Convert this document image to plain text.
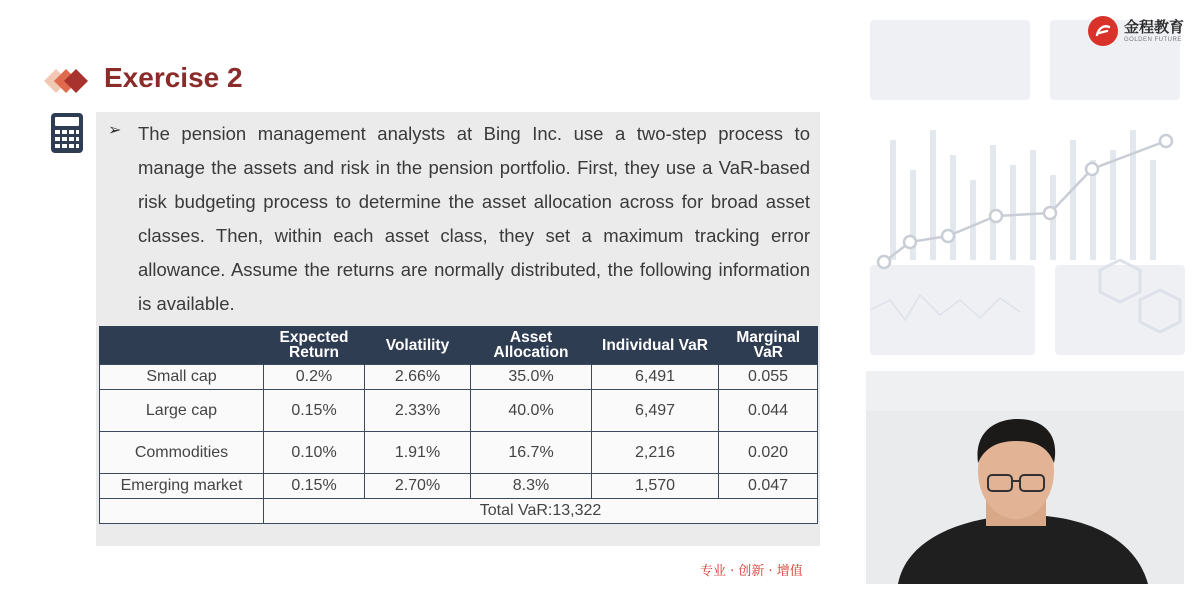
金程教育
GOLDEN FUTURE
Exercise 2
➢ The pension management analysts at Bing Inc. use a two-step process to manage the assets and risk in the pension portfolio. First, they use a VaR-based risk budgeting process to determine the asset allocation across for broad asset classes. Then, within each asset class, they set a maximum tracking error allowance. Assume the returns are normally distributed, the following information is available.
	Expected Return	Volatility	Asset Allocation	Individual VaR	Marginal VaR
Small cap	0.2%	2.66%	35.0%	6,491	0.055
Large cap	0.15%	2.33%	40.0%	6,497	0.044
Commodities	0.10%	1.91%	16.7%	2,216	0.020
Emerging market	0.15%	2.70%	8.3%	1,570	0.047
	Total VaR:13,322				
专业 · 创新 · 增值
